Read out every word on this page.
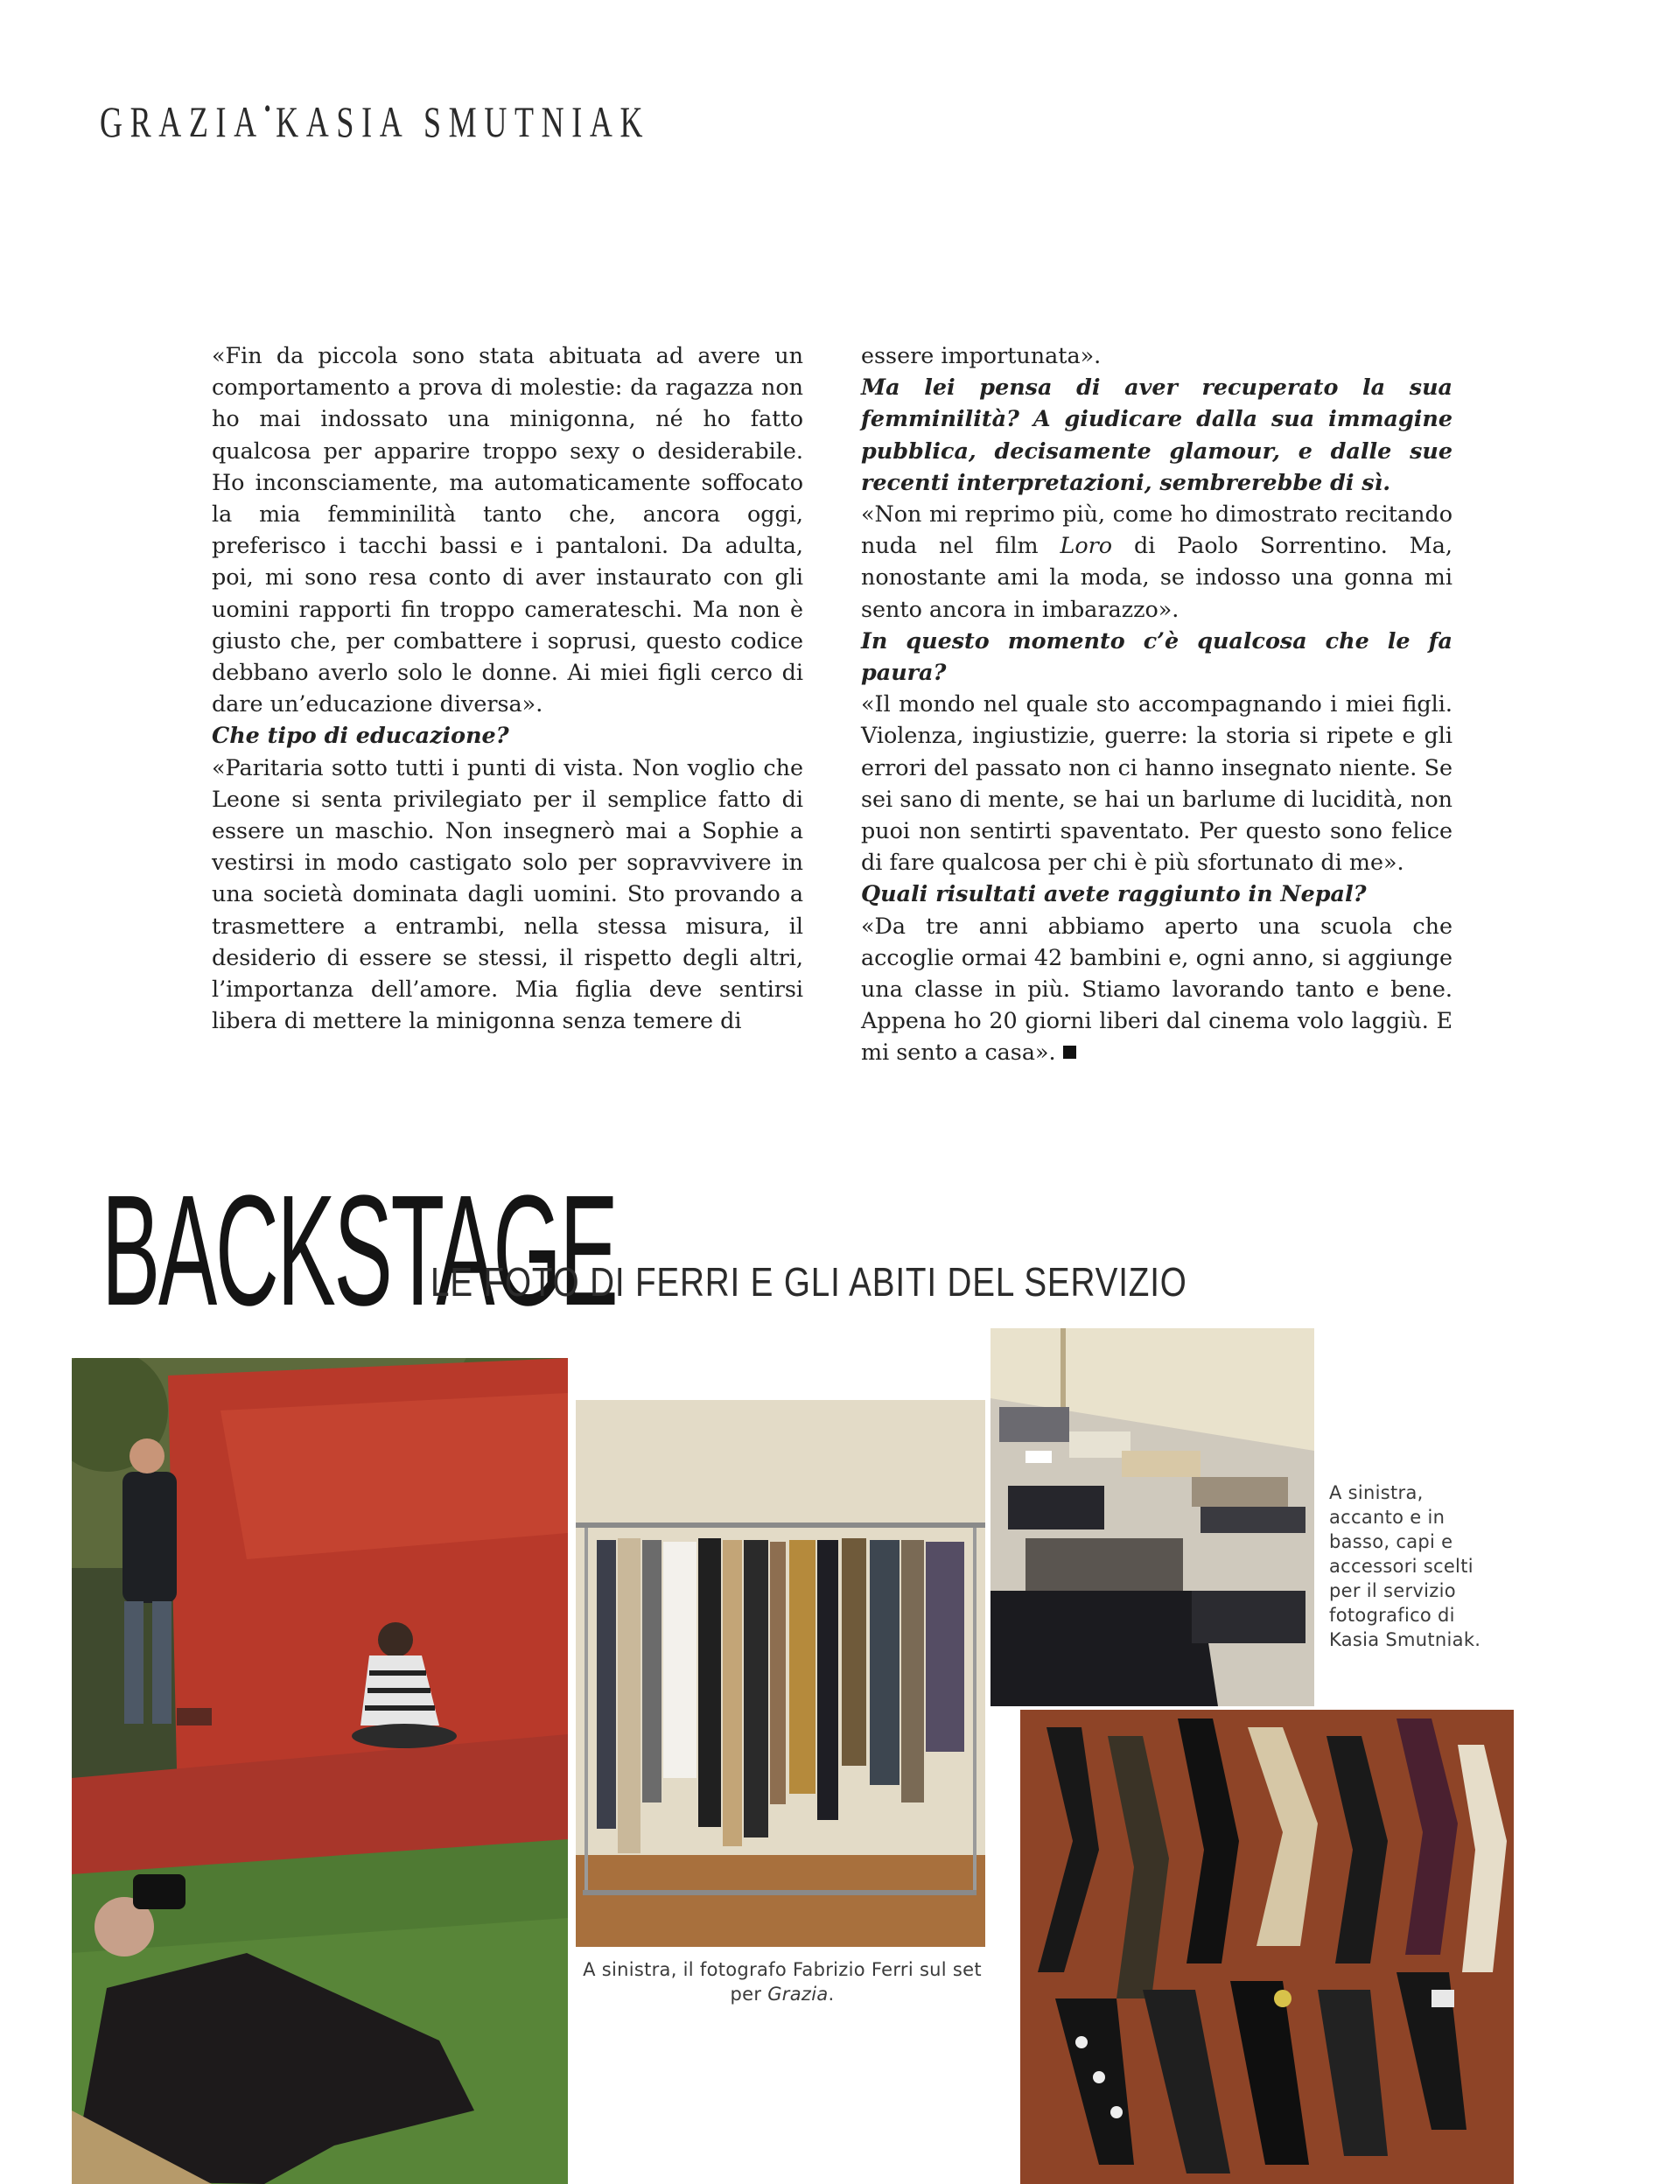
GRAZIA•KASIA SMUTNIAK

«Fin da piccola sono stata abituata ad avere un comportamento a prova di molestie: da ragazza non ho mai indossato una minigonna, né ho fatto qualcosa per apparire troppo sexy o desiderabile. Ho inconsciamente, ma automaticamente soffocato la mia femminilità tanto che, ancora oggi, preferisco i tacchi bassi e i pantaloni. Da adulta, poi, mi sono resa conto di aver instaurato con gli uomini rapporti fin troppo camerateschi. Ma non è giusto che, per combattere i soprusi, questo codice debbano averlo solo le donne. Ai miei figli cerco di dare un’educazione diversa».

Che tipo di educazione?

«Paritaria sotto tutti i punti di vista. Non voglio che Leone si senta privilegiato per il semplice fatto di essere un maschio. Non insegnerò mai a Sophie a vestirsi in modo castigato solo per sopravvivere in una società dominata dagli uomini. Sto provando a trasmettere a entrambi, nella stessa misura, il desiderio di essere se stessi, il rispetto degli altri, l’importanza dell’amore. Mia figlia deve sentirsi libera di mettere la minigonna senza temere di

essere importunata».

Ma lei pensa di aver recuperato la sua femminilità? A giudicare dalla sua immagine pubblica, decisamente glamour, e dalle sue recenti interpretazioni, sembrerebbe di sì.

«Non mi reprimo più, come ho dimostrato recitando nuda nel film Loro di Paolo Sorrentino. Ma, nonostante ami la moda, se indosso una gonna mi sento ancora in imbarazzo».

In questo momento c’è qualcosa che le fa paura?

«Il mondo nel quale sto accompagnando i miei figli. Violenza, ingiustizie, guerre: la storia si ripete e gli errori del passato non ci hanno insegnato niente. Se sei sano di mente, se hai un barlume di lucidità, non puoi non sentirti spaventato. Per questo sono felice di fare qualcosa per chi è più sfortunato di me».

Quali risultati avete raggiunto in Nepal?

«Da tre anni abbiamo aperto una scuola che accoglie ormai 42 bambini e, ogni anno, si aggiunge una classe in più. Stiamo lavorando tanto e bene. Appena ho 20 giorni liberi dal cinema volo laggiù. E mi sento a casa».

BACKSTAGE
LE FOTO DI FERRI E GLI ABITI DEL SERVIZIO
A sinistra, il fotografo Fabrizio Ferri sul set per Grazia.
A sinistra, accanto e in basso, capi e accessori scelti per il servizio fotografico di Kasia Smutniak.
